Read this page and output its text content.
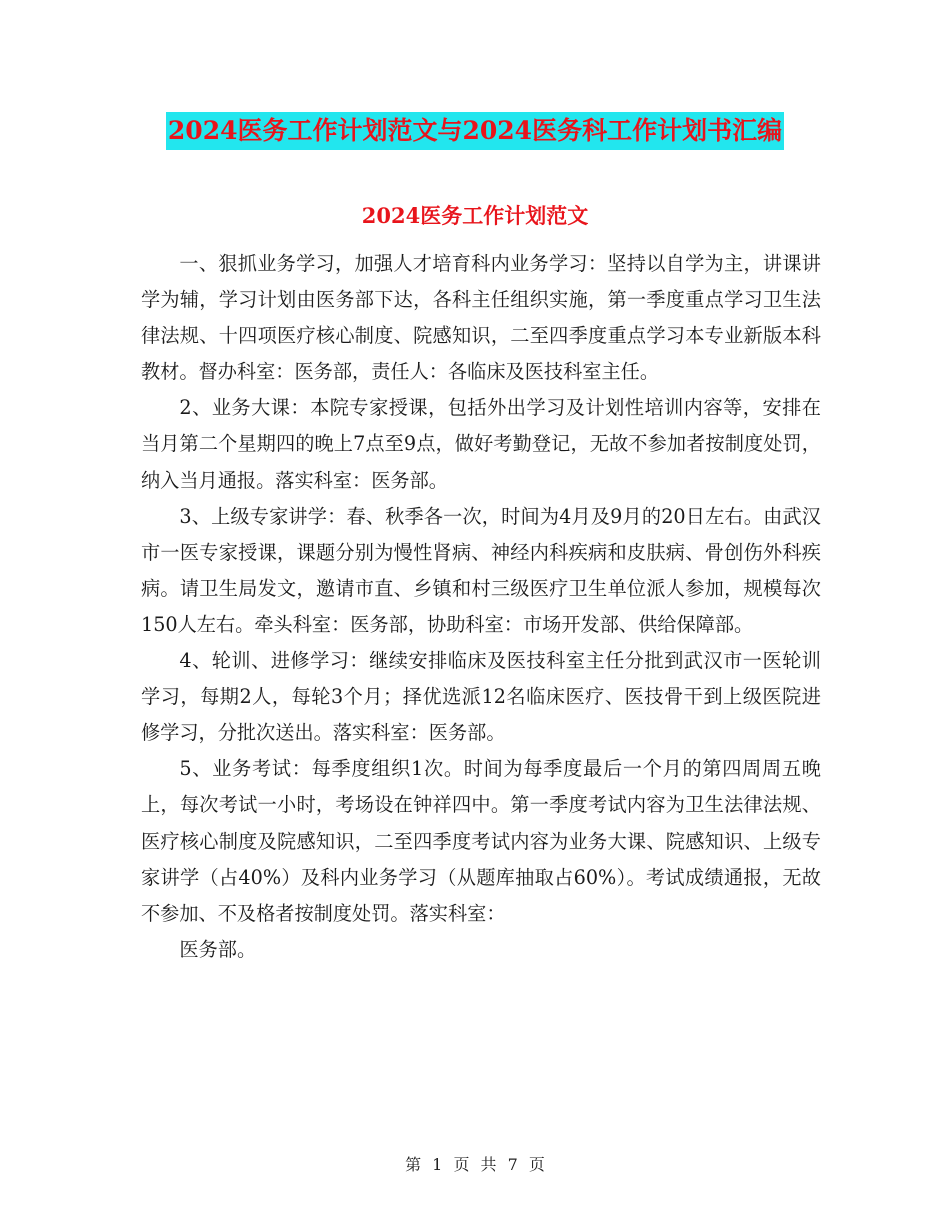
2024医务工作计划范文与2024医务科工作计划书汇编
2024医务工作计划范文

一、狠抓业务学习，加强人才培育科内业务学习：坚持以自学为主，讲课讲学为辅，学习计划由医务部下达，各科主任组织实施，第一季度重点学习卫生法律法规、十四项医疗核心制度、院感知识，二至四季度重点学习本专业新版本科教材。督办科室：医务部，责任人：各临床及医技科室主任。

2、业务大课：本院专家授课，包括外出学习及计划性培训内容等，安排在当月第二个星期四的晚上7点至9点，做好考勤登记，无故不参加者按制度处罚，纳入当月通报。落实科室：医务部。

3、上级专家讲学：春、秋季各一次，时间为4月及9月的20日左右。由武汉市一医专家授课，课题分别为慢性肾病、神经内科疾病和皮肤病、骨创伤外科疾病。请卫生局发文，邀请市直、乡镇和村三级医疗卫生单位派人参加，规模每次150人左右。牵头科室：医务部，协助科室：市场开发部、供给保障部。

4、轮训、进修学习：继续安排临床及医技科室主任分批到武汉市一医轮训学习，每期2人，每轮3个月；择优选派12名临床医疗、医技骨干到上级医院进修学习，分批次送出。落实科室：医务部。

5、业务考试：每季度组织1次。时间为每季度最后一个月的第四周周五晚上，每次考试一小时，考场设在钟祥四中。第一季度考试内容为卫生法律法规、医疗核心制度及院感知识，二至四季度考试内容为业务大课、院感知识、上级专家讲学（占40%）及科内业务学习（从题库抽取占60%）。考试成绩通报，无故不参加、不及格者按制度处罚。落实科室：

医务部。

第 1 页 共 7 页
